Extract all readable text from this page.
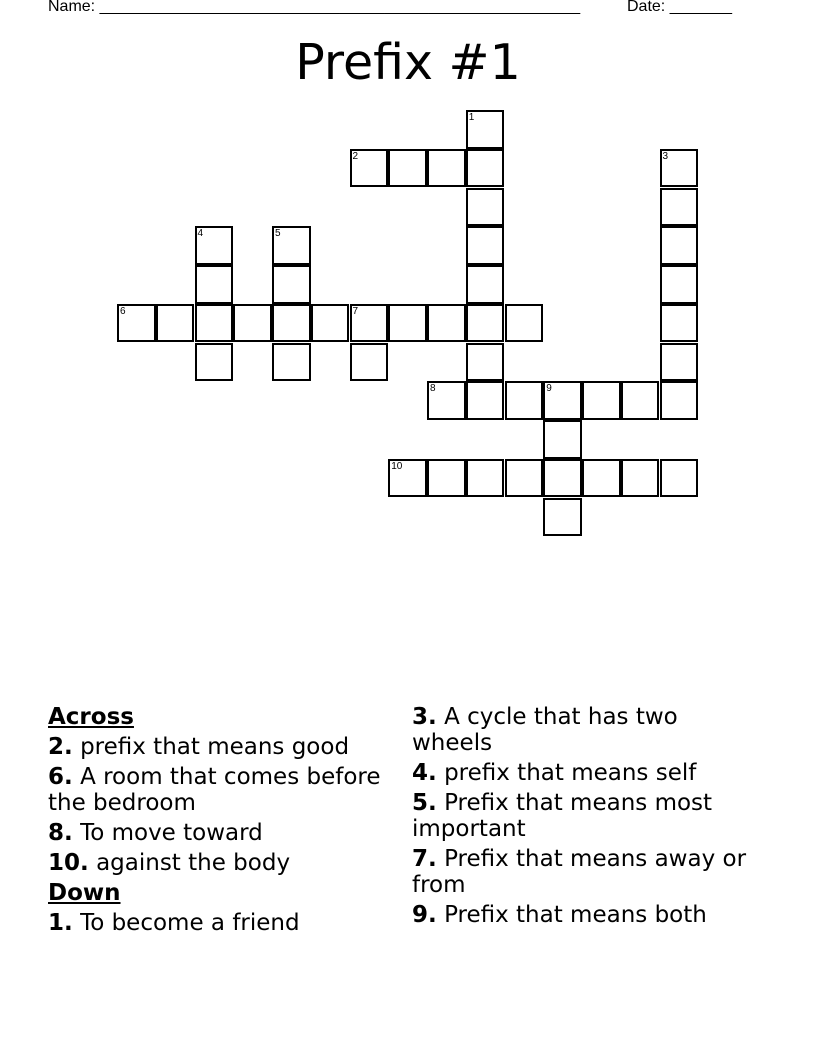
Name: ______________________________________________________	Date: _______
Prefix #1
1
2	3
4	5
6	7
8	9
10
Across
2. prefix that means good
6. A room that comes before the bedroom
8. To move toward
10. against the body
Down
1. To become a friend
3. A cycle that has two wheels
4. prefix that means self
5. Prefix that means most important
7. Prefix that means away or from
9. Prefix that means both
